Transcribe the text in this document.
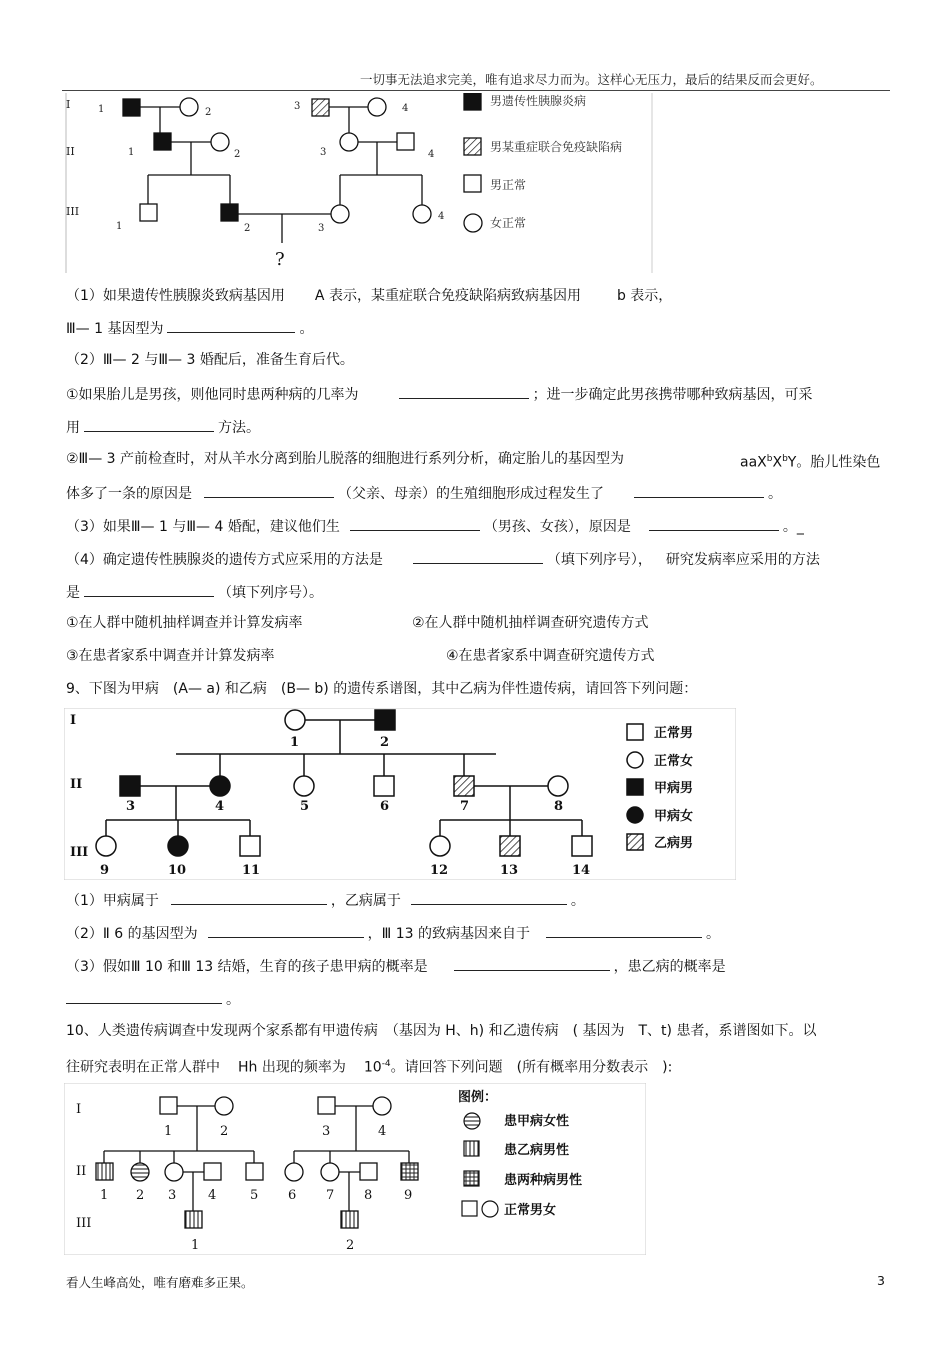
一切事无法追求完美，唯有追求尽力而为。这样心无压力，最后的结果反而会更好。
I
II
III
1	2
3	4
1	2	3	4
1	2	3
4
?
男遗传性胰腺炎病
男某重症联合免疫缺陷病
男正常
女正常
（1）如果遗传性胰腺炎致病基因用 A 表示，某重症联合免疫缺陷病致病基因用	b 表示，
Ⅲ— 1 基因型为	。
（2）Ⅲ— 2 与Ⅲ— 3 婚配后，准备生育后代。
①如果胎儿是男孩，则他同时患两种病的几率为	；进一步确定此男孩携带哪种致病基因，可采
用	方法。
②Ⅲ— 3 产前检查时，对从羊水分离到胎儿脱落的细胞进行系列分析，确定胎儿的基因型为	$aaX^bX^bY$。胎儿性染色
体多了一条的原因是	（父亲、母亲）的生殖细胞形成过程发生了	。
（3）如果Ⅲ— 1 与Ⅲ— 4 婚配，建议他们生	（男孩、女孩），原因是	。_
（4）确定遗传性胰腺炎的遗传方式应采用的方法是	（填下列序号）， 研究发病率应采用的方法
是	（填下列序号）。
①在人群中随机抽样调查并计算发病率	②在人群中随机抽样调查研究遗传方式
③在患者家系中调查并计算发病率	④在患者家系中调查研究遗传方式
9、下图为甲病　(A— a) 和乙病　(B— b) 的遗传系谱图，其中乙病为伴性遗传病，请回答下列问题：
I
II
III
1	2
3	4	5	6	7	8
9	10	11	12	13	14
正常男
正常女
甲病男
甲病女
乙病男
（1）甲病属于	，乙病属于	。
（2）Ⅱ 6 的基因型为	，Ⅲ 13 的致病基因来自于	。
（3）假如Ⅲ 10 和Ⅲ 13 结婚，生育的孩子患甲病的概率是	，患乙病的概率是
。
10、人类遗传病调查中发现两个家系都有甲遗传病　（基因为 H、h) 和乙遗传病　( 基因为　T、t) 患者，系谱图如下。以
往研究表明在正常人群中 Hh 出现的频率为 $10^{-4}$。请回答下列问题　(所有概率用分数表示　):
I
II
III
1	2	3	4
1 2 3 4	5 6 7 8 9
1	2
图例：
患甲病女性
患乙病男性
患两种病男性
正常男女
看人生峰高处，唯有磨难多正果。	3
